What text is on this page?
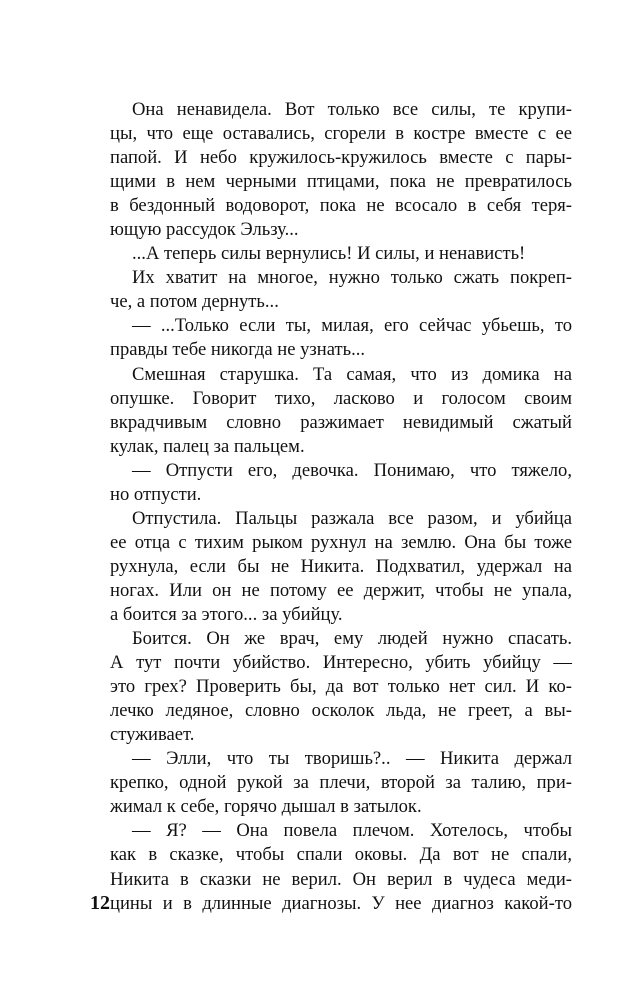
Она ненавидела. Вот только все силы, те крупи-
цы, что еще оставались, сгорели в костре вместе с ее
папой. И небо кружилось-кружилось вместе с пары-
щими в нем черными птицами, пока не превратилось
в бездонный водоворот, пока не всосало в себя теря-
ющую рассудок Эльзу...
...А теперь силы вернулись! И силы, и ненависть!
Их хватит на многое, нужно только сжать покреп-
че, а потом дернуть...
— ...Только если ты, милая, его сейчас убьешь, то
правды тебе никогда не узнать...
Смешная старушка. Та самая, что из домика на
опушке. Говорит тихо, ласково и голосом своим
вкрадчивым словно разжимает невидимый сжатый
кулак, палец за пальцем.
— Отпусти его, девочка. Понимаю, что тяжело,
но отпусти.
Отпустила. Пальцы разжала все разом, и убийца
ее отца с тихим рыком рухнул на землю. Она бы тоже
рухнула, если бы не Никита. Подхватил, удержал на
ногах. Или он не потому ее держит, чтобы не упала,
а боится за этого... за убийцу.
Боится. Он же врач, ему людей нужно спасать.
А тут почти убийство. Интересно, убить убийцу —
это грех? Проверить бы, да вот только нет сил. И ко-
лечко ледяное, словно осколок льда, не греет, а вы-
стуживает.
— Элли, что ты творишь?.. — Никита держал
крепко, одной рукой за плечи, второй за талию, при-
жимал к себе, горячо дышал в затылок.
— Я? — Она повела плечом. Хотелось, чтобы
как в сказке, чтобы спали оковы. Да вот не спали,
Никита в сказки не верил. Он верил в чудеса меди-
цины и в длинные диагнозы. У нее диагноз какой-то
12
